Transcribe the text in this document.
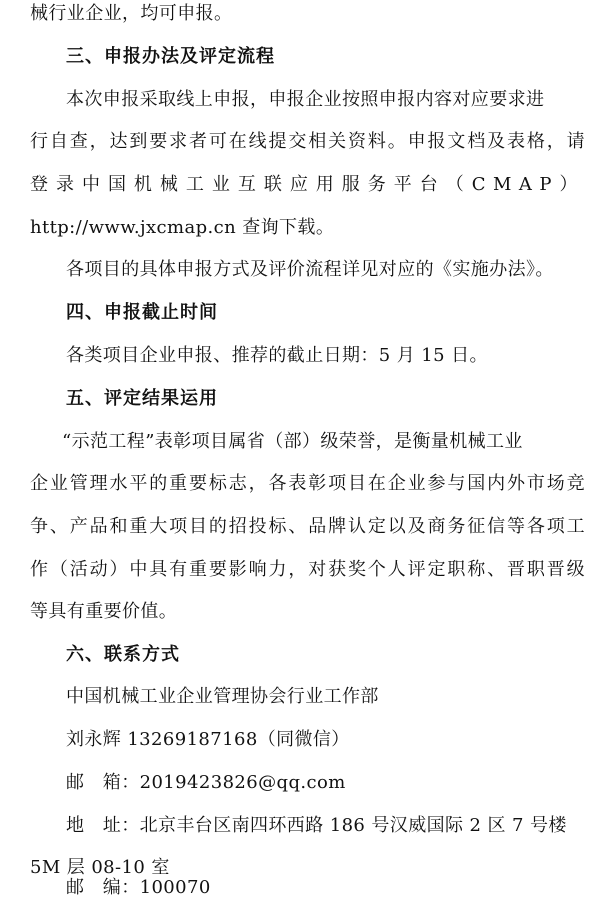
械行业企业，均可申报。
三、申报办法及评定流程
本次申报采取线上申报，申报企业按照申报内容对应要求进
行自查，达到要求者可在线提交相关资料。申报文档及表格，请
登录中国机械工业互联应用服务平台（CMAP）
http://www.jxcmap.cn 查询下载。
各项目的具体申报方式及评价流程详见对应的《实施办法》。
四、申报截止时间
各类项目企业申报、推荐的截止日期：5 月 15 日。
五、评定结果运用
“示范工程”表彰项目属省（部）级荣誉，是衡量机械工业
企业管理水平的重要标志，各表彰项目在企业参与国内外市场竞
争、产品和重大项目的招投标、品牌认定以及商务征信等各项工
作（活动）中具有重要影响力，对获奖个人评定职称、晋职晋级
等具有重要价值。
六、联系方式
中国机械工业企业管理协会行业工作部
刘永辉 13269187168（同微信）
邮　箱：2019423826@qq.com
地　址：北京丰台区南四环西路 186 号汉威国际 2 区 7 号楼
5M 层 08-10 室
邮　编：100070
